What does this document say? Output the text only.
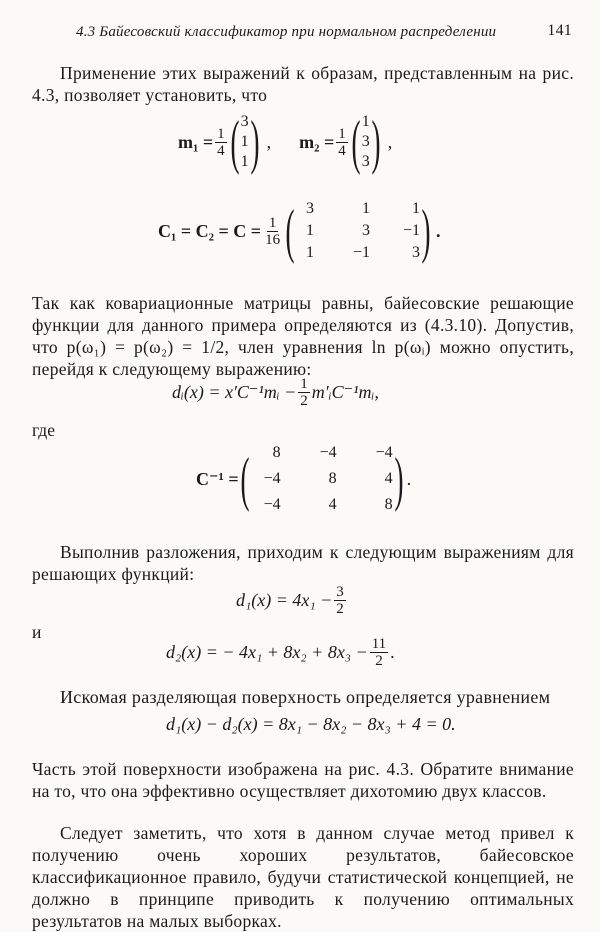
4.3 Байесовский классификатор при нормальном распределении	141
Применение этих выражений к образам, представленным на рис. 4.3, позволяет установить, что
$m_1 = \frac{1}{4}$ ( 3
1
1 ) , $m_2 = \frac{1}{4}$ ( 1
3
3 ) ,
$C_1 = C_2 = C = \frac{1}{16}$ ( 3	1	1
1	3	−1
1	−1	3 ) .
Так как ковариационные матрицы равны, байесовские решающие функции для данного примера определяются из (4.3.10). Допустив, что p(ω₁) = p(ω₂) = 1/2, член уравнения ln p(ωᵢ) можно опустить, перейдя к следующему выражению:
dᵢ(x) = x′C⁻¹mᵢ − $\frac{1}{2}$ m′ᵢC⁻¹mᵢ,
где
C⁻¹ = (	8	−4	−4
−4	8	4
−4	4	8 ) .
Выполнив разложения, приходим к следующим выражениям для решающих функций:
$d_1(x) = 4x_1 - \frac{3}{2}$
и
d₂(x) = − $4x_1 + 8x_2 + 8x_3 - \frac{11}{2}$ .
Искомая разделяющая поверхность определяется уравнением
d₁(x) − d₂(x) = 8x₁ − 8x₂ − 8x₃ + 4 = 0.
Часть этой поверхности изображена на рис. 4.3. Обратите внимание на то, что она эффективно осуществляет дихотомию двух классов.
Следует заметить, что хотя в данном случае метод привел к получению очень хороших результатов, байесовское классификационное правило, будучи статистической концепцией, не должно в принципе приводить к получению оптимальных результатов на малых выборках.
